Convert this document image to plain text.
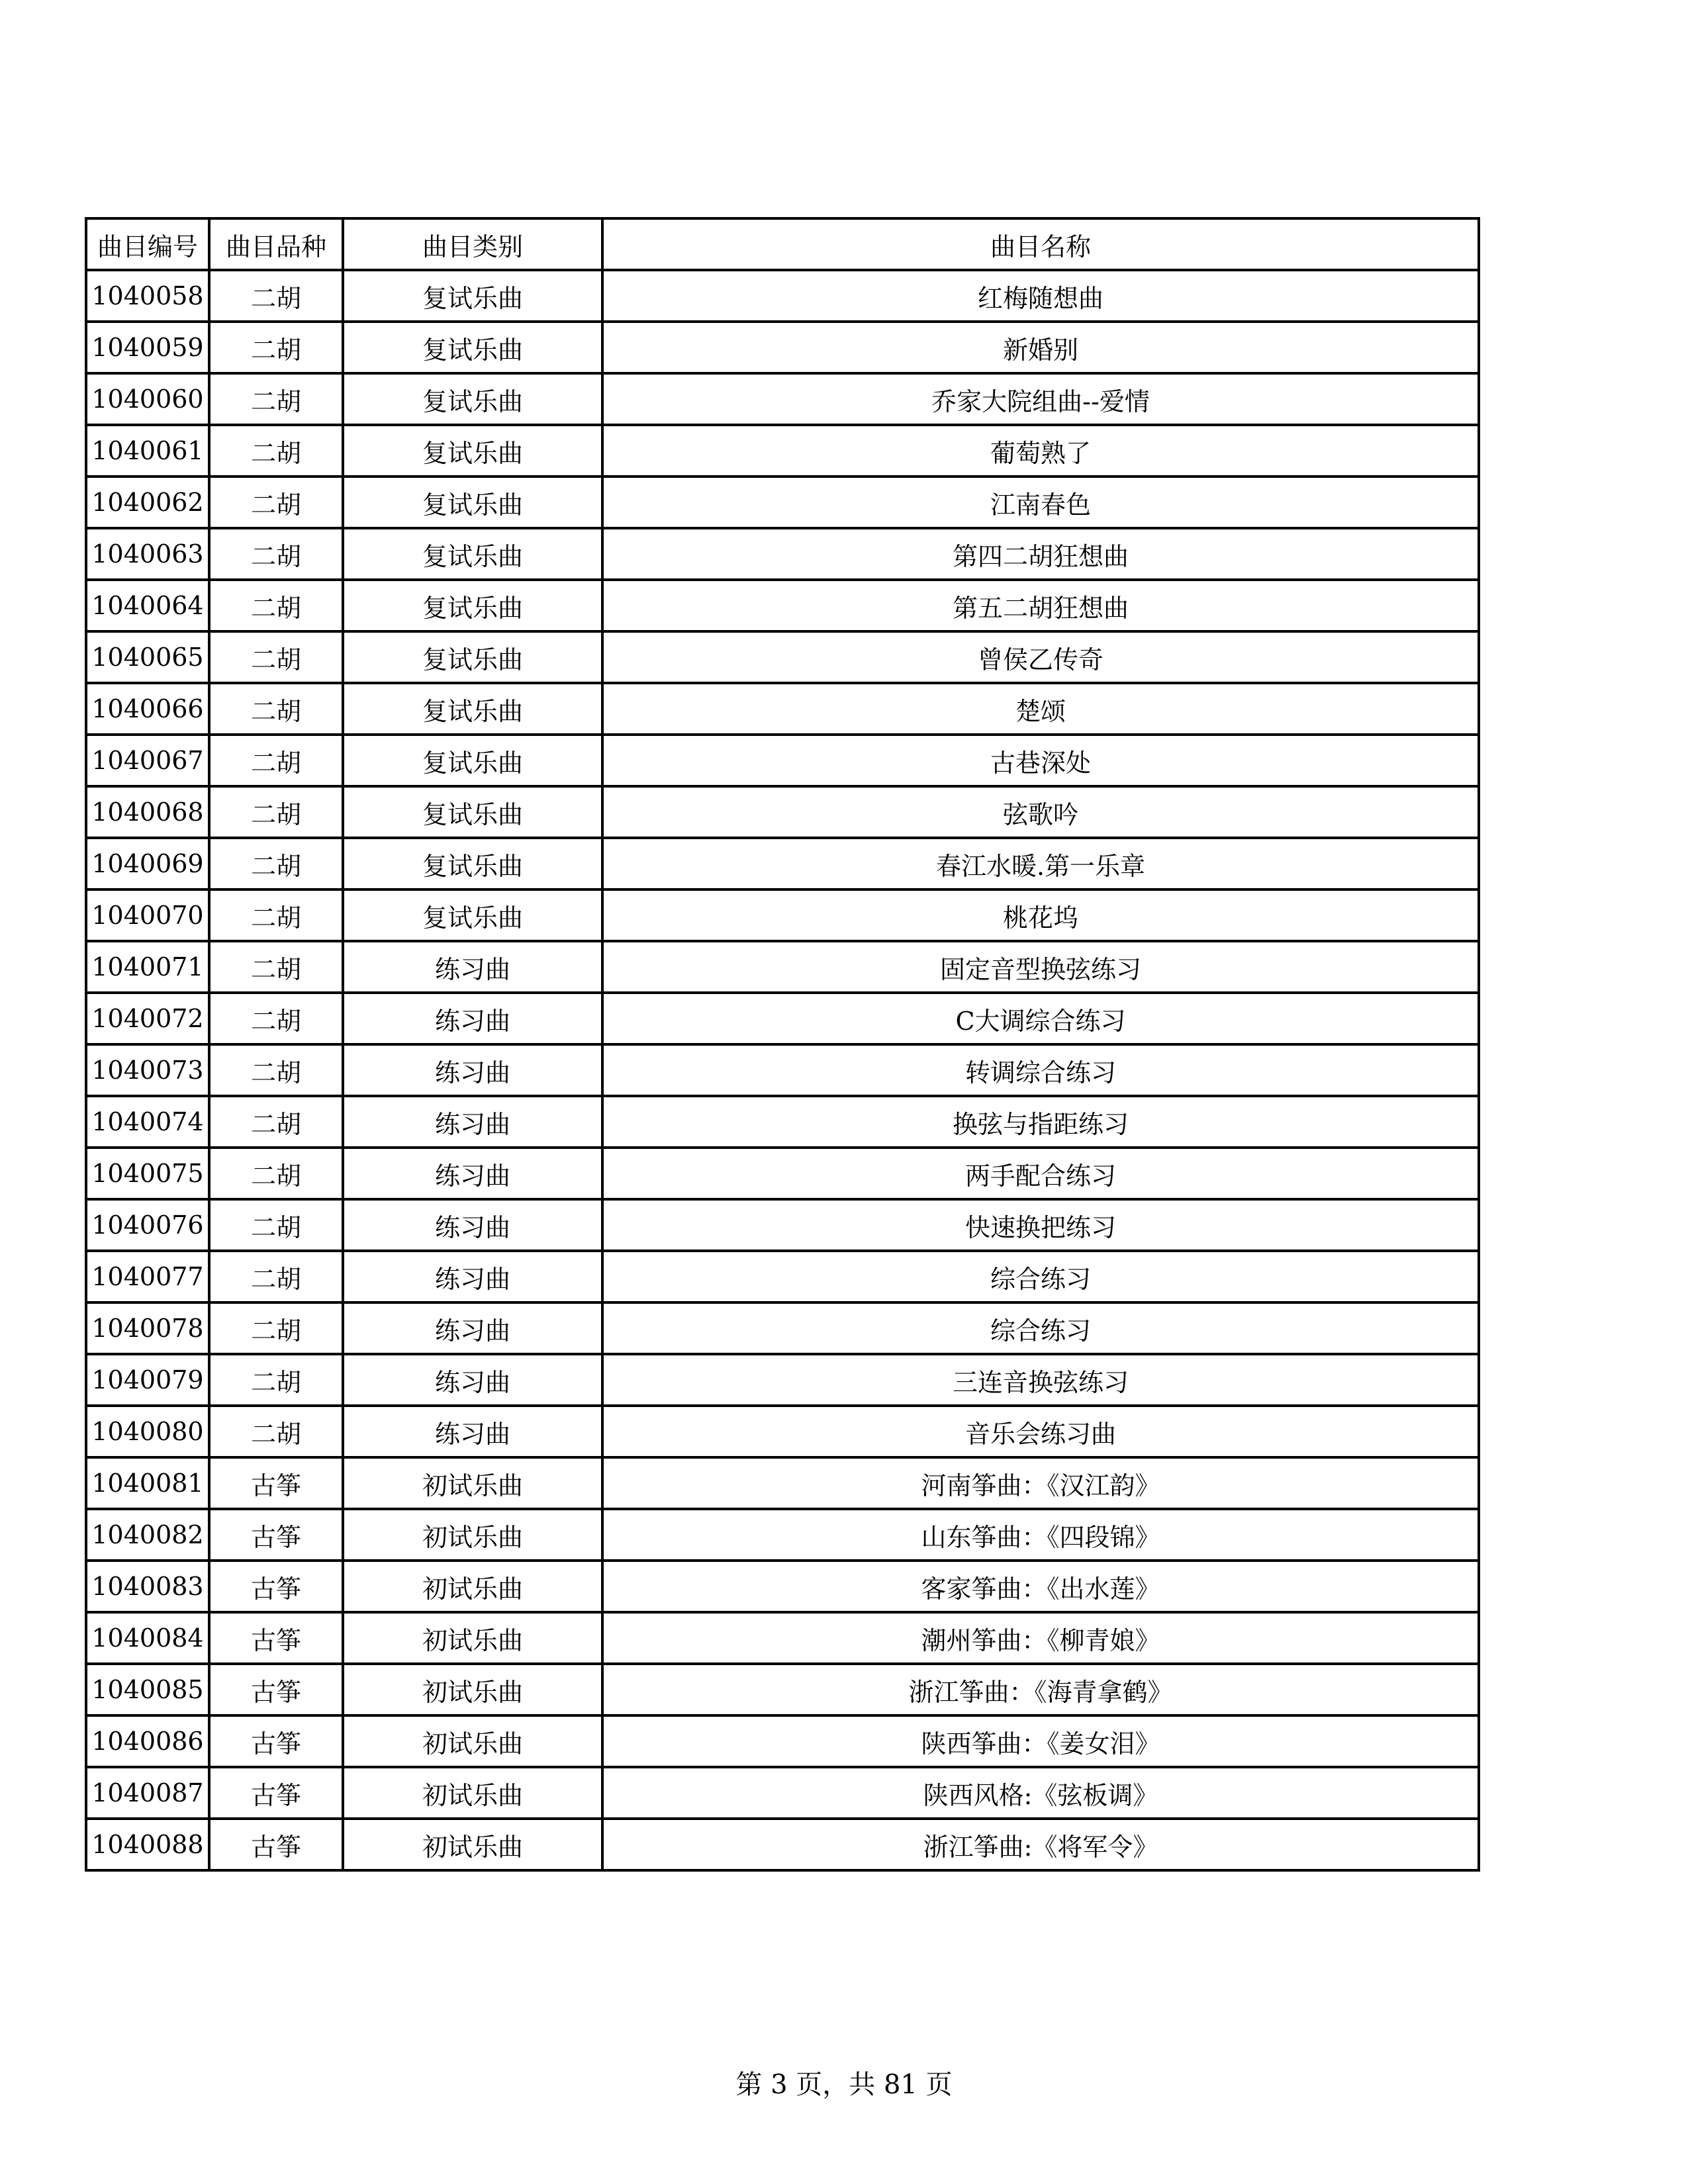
曲目编号	曲目品种	曲目类别	曲目名称
1040058	二胡	复试乐曲	红梅随想曲
1040059	二胡	复试乐曲	新婚别
1040060	二胡	复试乐曲	乔家大院组曲--爱情
1040061	二胡	复试乐曲	葡萄熟了
1040062	二胡	复试乐曲	江南春色
1040063	二胡	复试乐曲	第四二胡狂想曲
1040064	二胡	复试乐曲	第五二胡狂想曲
1040065	二胡	复试乐曲	曾侯乙传奇
1040066	二胡	复试乐曲	楚颂
1040067	二胡	复试乐曲	古巷深处
1040068	二胡	复试乐曲	弦歌吟
1040069	二胡	复试乐曲	春江水暖.第一乐章
1040070	二胡	复试乐曲	桃花坞
1040071	二胡	练习曲	固定音型换弦练习
1040072	二胡	练习曲	C大调综合练习
1040073	二胡	练习曲	转调综合练习
1040074	二胡	练习曲	换弦与指距练习
1040075	二胡	练习曲	两手配合练习
1040076	二胡	练习曲	快速换把练习
1040077	二胡	练习曲	综合练习
1040078	二胡	练习曲	综合练习
1040079	二胡	练习曲	三连音换弦练习
1040080	二胡	练习曲	音乐会练习曲
1040081	古筝	初试乐曲	河南筝曲：《汉江韵》
1040082	古筝	初试乐曲	山东筝曲：《四段锦》
1040083	古筝	初试乐曲	客家筝曲：《出水莲》
1040084	古筝	初试乐曲	潮州筝曲：《柳青娘》
1040085	古筝	初试乐曲	浙江筝曲：《海青拿鹤》
1040086	古筝	初试乐曲	陕西筝曲：《姜女泪》
1040087	古筝	初试乐曲	陕西风格:《弦板调》
1040088	古筝	初试乐曲	浙江筝曲:《将军令》
第 3 页，共 81 页
